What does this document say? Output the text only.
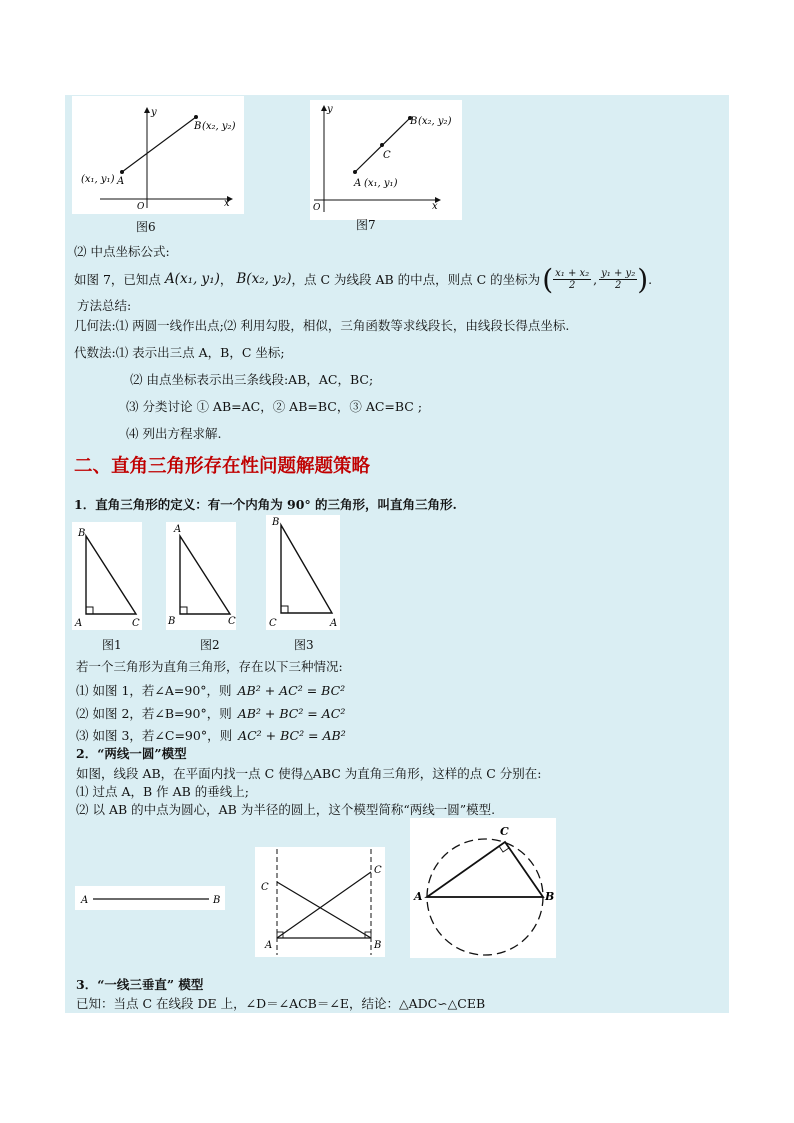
y
x
O
B (x₂, y₂)
(x₁, y₁) A
图6
y
x
O
B (x₂, y₂)
C
A (x₁, y₁)
图7
⑵ 中点坐标公式:
如图 7，已知点 A(x₁, y₁) ， B(x₂, y₂) ，点 C 为线段 AB 的中点，则点 C 的坐标为 ( $\frac{\text{x₁ + x₂}}{2}$ , $\frac{\text{y₁ + y₂}}{2}$ ) .
方法总结:
几何法:⑴ 两圆一线作出点;⑵ 利用勾股，相似，三角函数等求线段长，由线段长得点坐标.
代数法:⑴ 表示出三点 A，B，C 坐标;
⑵ 由点坐标表示出三条线段:AB，AC，BC;
⑶ 分类讨论 ① AB=AC，② AB=BC，③ AC=BC ;
⑷ 列出方程求解.
二、直角三角形存在性问题解题策略
1．直角三角形的定义：有一个内角为 90° 的三角形，叫直角三角形.
B
A	C
图1
A
B	C
图2
B
C	A
图3
若一个三角形为直角三角形，存在以下三种情况:
⑴ 如图 1，若∠A=90°，则 AB² + AC² = BC²
⑵ 如图 2，若∠B=90°，则 AB² + BC² = AC²
⑶ 如图 3，若∠C=90°，则 AC² + BC² = AB²
2．“两线一圆”模型
如图，线段 AB，在平面内找一点 C 使得△ABC 为直角三角形，这样的点 C 分别在:
⑴ 过点 A，B 作 AB 的垂线上;
⑵ 以 AB 的中点为圆心，AB 为半径的圆上，这个模型简称“两线一圆”模型.
A	B
C
C
A	B
C
A	B
3．“一线三垂直” 模型
已知：当点 C 在线段 DE 上，∠D＝∠ACB＝∠E，结论：△ADC∽△CEB
